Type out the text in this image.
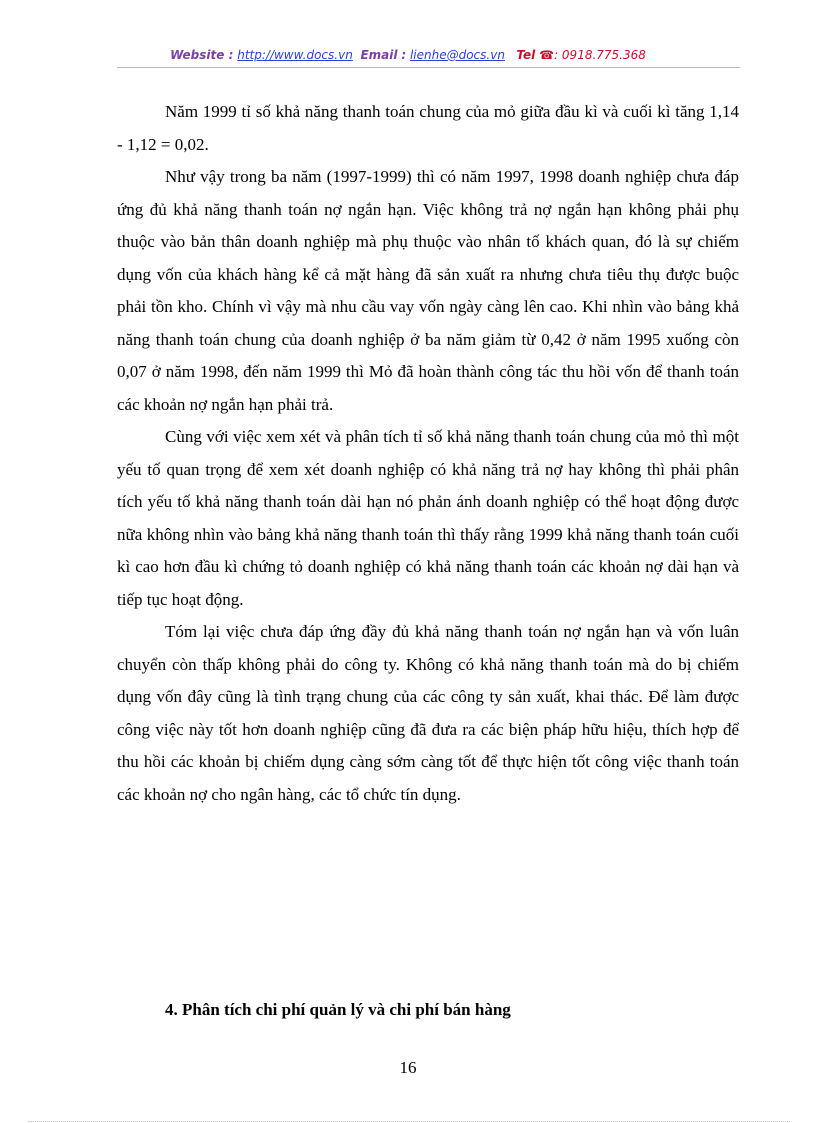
Website : http://www.docs.vn Email : lienhe@docs.vn Tel ☎: 0918.775.368

Năm 1999 tỉ số khả năng thanh toán chung của mỏ giữa đầu kì và cuối kì tăng 1,14 - 1,12 = 0,02.

Như vậy trong ba năm (1997-1999) thì có năm 1997, 1998 doanh nghiệp chưa đáp ứng đủ khả năng thanh toán nợ ngắn hạn. Việc không trả nợ ngắn hạn không phải phụ thuộc vào bản thân doanh nghiệp mà phụ thuộc vào nhân tố khách quan, đó là sự chiếm dụng vốn của khách hàng kể cả mặt hàng đã sản xuất ra nhưng chưa tiêu thụ được buộc phải tồn kho. Chính vì vậy mà nhu cầu vay vốn ngày càng lên cao. Khi nhìn vào bảng khả năng thanh toán chung của doanh nghiệp ở ba năm giảm từ 0,42 ở năm 1995 xuống còn 0,07 ở năm 1998, đến năm 1999 thì Mỏ đã hoàn thành công tác thu hồi vốn để thanh toán các khoản nợ ngắn hạn phải trả.

Cùng với việc xem xét và phân tích tỉ số khả năng thanh toán chung của mỏ thì một yếu tố quan trọng để xem xét doanh nghiệp có khả năng trả nợ hay không thì phải phân tích yếu tố khả năng thanh toán dài hạn nó phản ánh doanh nghiệp có thể hoạt động được nữa không nhìn vào bảng khả năng thanh toán thì thấy rằng 1999 khả năng thanh toán cuối kì cao hơn đầu kì chứng tỏ doanh nghiệp có khả năng thanh toán các khoản nợ dài hạn và tiếp tục hoạt động.

Tóm lại việc chưa đáp ứng đầy đủ khả năng thanh toán nợ ngắn hạn và vốn luân chuyển còn thấp không phải do công ty. Không có khả năng thanh toán mà do bị chiếm dụng vốn đây cũng là tình trạng chung của các công ty sản xuất, khai thác. Để làm được công việc này tốt hơn doanh nghiệp cũng đã đưa ra các biện pháp hữu hiệu, thích hợp để thu hồi các khoản bị chiếm dụng càng sớm càng tốt để thực hiện tốt công việc thanh toán các khoản nợ cho ngân hàng, các tổ chức tín dụng.

4. Phân tích chi phí quản lý và chi phí bán hàng
16
